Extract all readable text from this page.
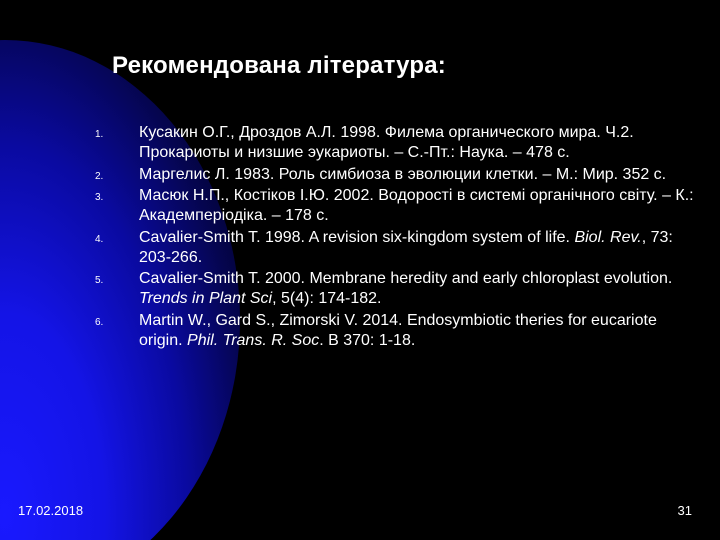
Рекомендована література:
1. Кусакин О.Г., Дроздов А.Л. 1998. Филема органического мира. Ч.2. Прокариоты и низшие эукариоты. – С.-Пт.: Наука. – 478 с.
2. Маргелис Л. 1983. Роль симбиоза в эволюции клетки. – М.: Мир. 352 с.
3. Масюк Н.П., Костіков І.Ю. 2002. Водорості в системі органічного світу. – К.: Академперіодіка. – 178 с.
4. Cavalier-Smith T. 1998. A revision six-kingdom system of life. Biol. Rev., 73: 203-266.
5. Cavalier-Smith T. 2000. Membrane heredity and early chloroplast evolution. Trends in Plant Sci, 5(4): 174-182.
6. Martin W., Gard S., Zimorski V. 2014. Endosymbiotic theries for eucariote origin. Phil. Trans. R. Soc. B 370: 1-18.
17.02.2018	31
